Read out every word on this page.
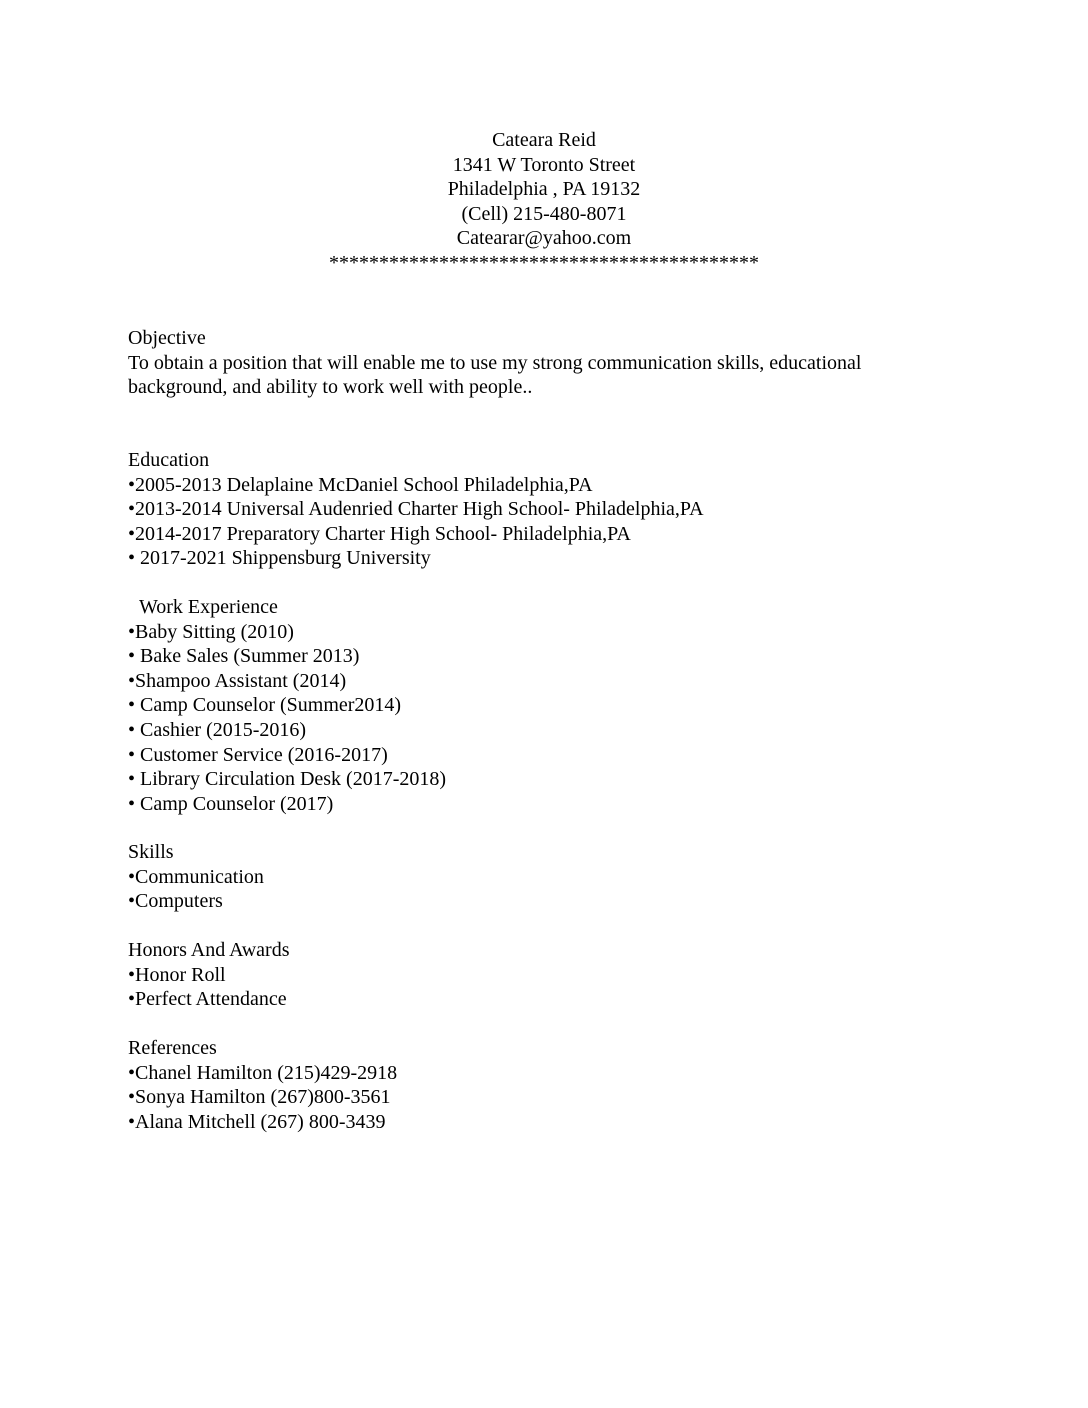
Cateara Reid
1341 W Toronto Street
Philadelphia , PA 19132
(Cell) 215-480-8071
Catearar@yahoo.com
*******************************************
Objective
To obtain a position that will enable me to use my strong communication skills, educational background, and ability to work well with people..
Education
•2005-2013 Delaplaine McDaniel School Philadelphia,PA
•2013-2014 Universal Audenried Charter High School- Philadelphia,PA
•2014-2017 Preparatory Charter High School- Philadelphia,PA
• 2017-2021 Shippensburg University
Work Experience
•Baby Sitting (2010)
• Bake Sales (Summer 2013)
•Shampoo Assistant (2014)
• Camp Counselor (Summer2014)
• Cashier (2015-2016)
• Customer Service (2016-2017)
• Library Circulation Desk (2017-2018)
• Camp Counselor (2017)
Skills
•Communication
•Computers
Honors And Awards
•Honor Roll
•Perfect Attendance
References
•Chanel Hamilton (215)429-2918
•Sonya Hamilton (267)800-3561
•Alana Mitchell (267) 800-3439
